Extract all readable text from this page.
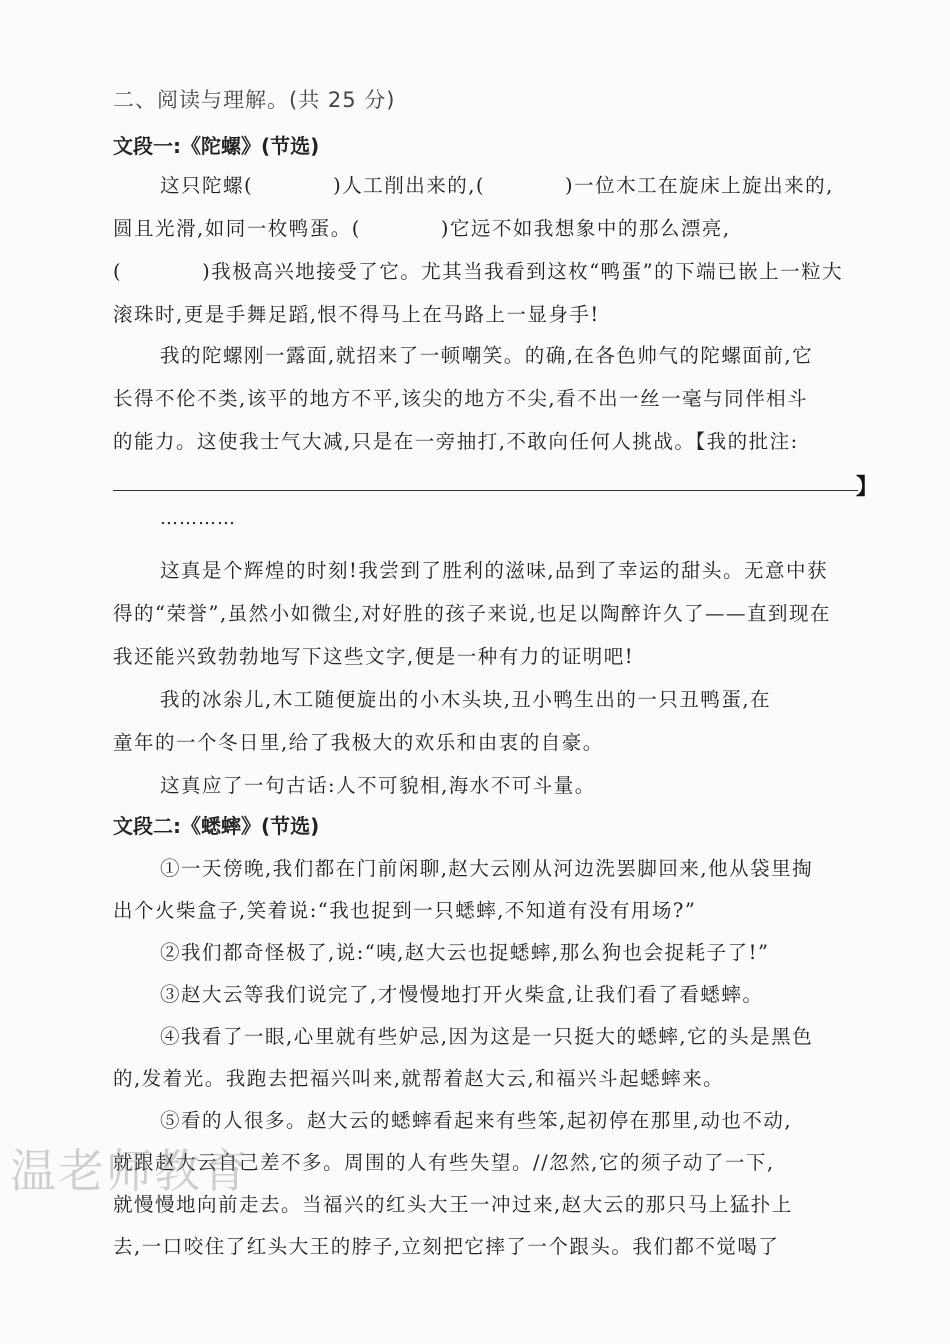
二、阅读与理解。(共 25 分)
文段一:《陀螺》(节选)
这只陀螺(	)人工削出来的,(	)一位木工在旋床上旋出来的,
圆且光滑,如同一枚鸭蛋。(	)它远不如我想象中的那么漂亮,
(	)我极高兴地接受了它。尤其当我看到这枚“鸭蛋”的下端已嵌上一粒大
滚珠时,更是手舞足蹈,恨不得马上在马路上一显身手!
我的陀螺刚一露面,就招来了一顿嘲笑。的确,在各色帅气的陀螺面前,它
长得不伦不类,该平的地方不平,该尖的地方不尖,看不出一丝一毫与同伴相斗
的能力。这使我士气大减,只是在一旁抽打,不敢向任何人挑战。【我的批注:
】
…………
这真是个辉煌的时刻!我尝到了胜利的滋味,品到了幸运的甜头。无意中获
得的“荣誉”,虽然小如微尘,对好胜的孩子来说,也足以陶醉许久了——直到现在
我还能兴致勃勃地写下这些文字,便是一种有力的证明吧!
我的冰尜儿,木工随便旋出的小木头块,丑小鸭生出的一只丑鸭蛋,在
童年的一个冬日里,给了我极大的欢乐和由衷的自豪。
这真应了一句古话:人不可貌相,海水不可斗量。
文段二:《蟋蟀》(节选)
①一天傍晚,我们都在门前闲聊,赵大云刚从河边洗罢脚回来,他从袋里掏
出个火柴盒子,笑着说:“我也捉到一只蟋蟀,不知道有没有用场?”
②我们都奇怪极了,说:“咦,赵大云也捉蟋蟀,那么狗也会捉耗子了!”
③赵大云等我们说完了,才慢慢地打开火柴盒,让我们看了看蟋蟀。
④我看了一眼,心里就有些妒忌,因为这是一只挺大的蟋蟀,它的头是黑色
的,发着光。我跑去把福兴叫来,就帮着赵大云,和福兴斗起蟋蟀来。
⑤看的人很多。赵大云的蟋蟀看起来有些笨,起初停在那里,动也不动,
就跟赵大云自己差不多。周围的人有些失望。//忽然,它的须子动了一下,
就慢慢地向前走去。当福兴的红头大王一冲过来,赵大云的那只马上猛扑上
去,一口咬住了红头大王的脖子,立刻把它摔了一个跟头。我们都不觉喝了
温老师教育
